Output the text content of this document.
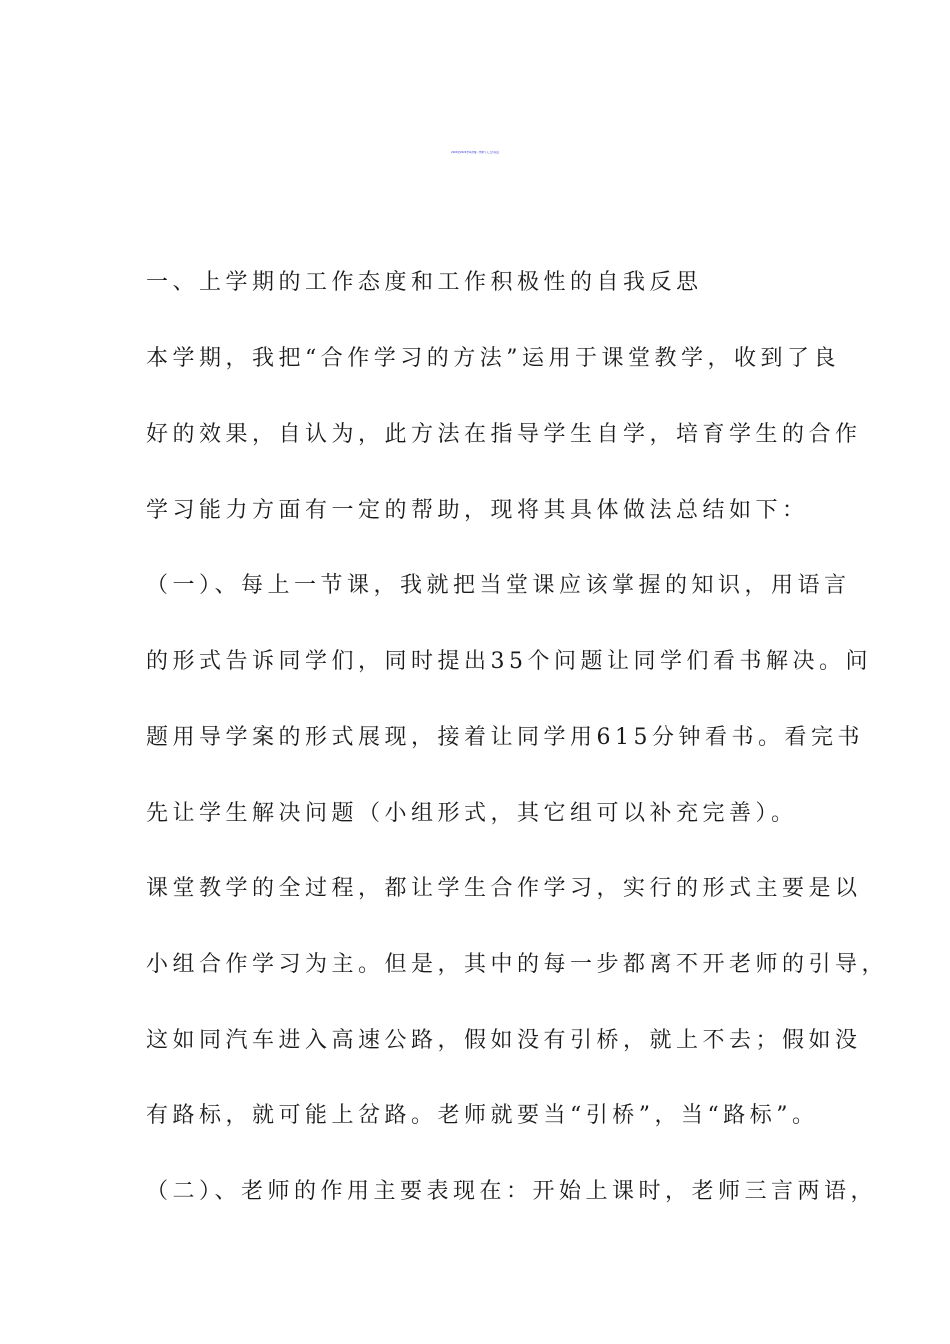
2024至2024学年度第一学期个人工作总结
一、上学期的工作态度和工作积极性的自我反思
本学期，我把“合作学习的方法”运用于课堂教学，收到了良
好的效果，自认为，此方法在指导学生自学，培育学生的合作
学习能力方面有一定的帮助，现将其具体做法总结如下：
（一）、每上一节课，我就把当堂课应该掌握的知识，用语言
的形式告诉同学们，同时提出35个问题让同学们看书解决。问
题用导学案的形式展现，接着让同学用615分钟看书。看完书
先让学生解决问题（小组形式，其它组可以补充完善）。
课堂教学的全过程，都让学生合作学习，实行的形式主要是以
小组合作学习为主。但是，其中的每一步都离不开老师的引导，
这如同汽车进入高速公路，假如没有引桥，就上不去；假如没
有路标，就可能上岔路。老师就要当“引桥”，当“路标”。
（二）、老师的作用主要表现在：开始上课时，老师三言两语，
